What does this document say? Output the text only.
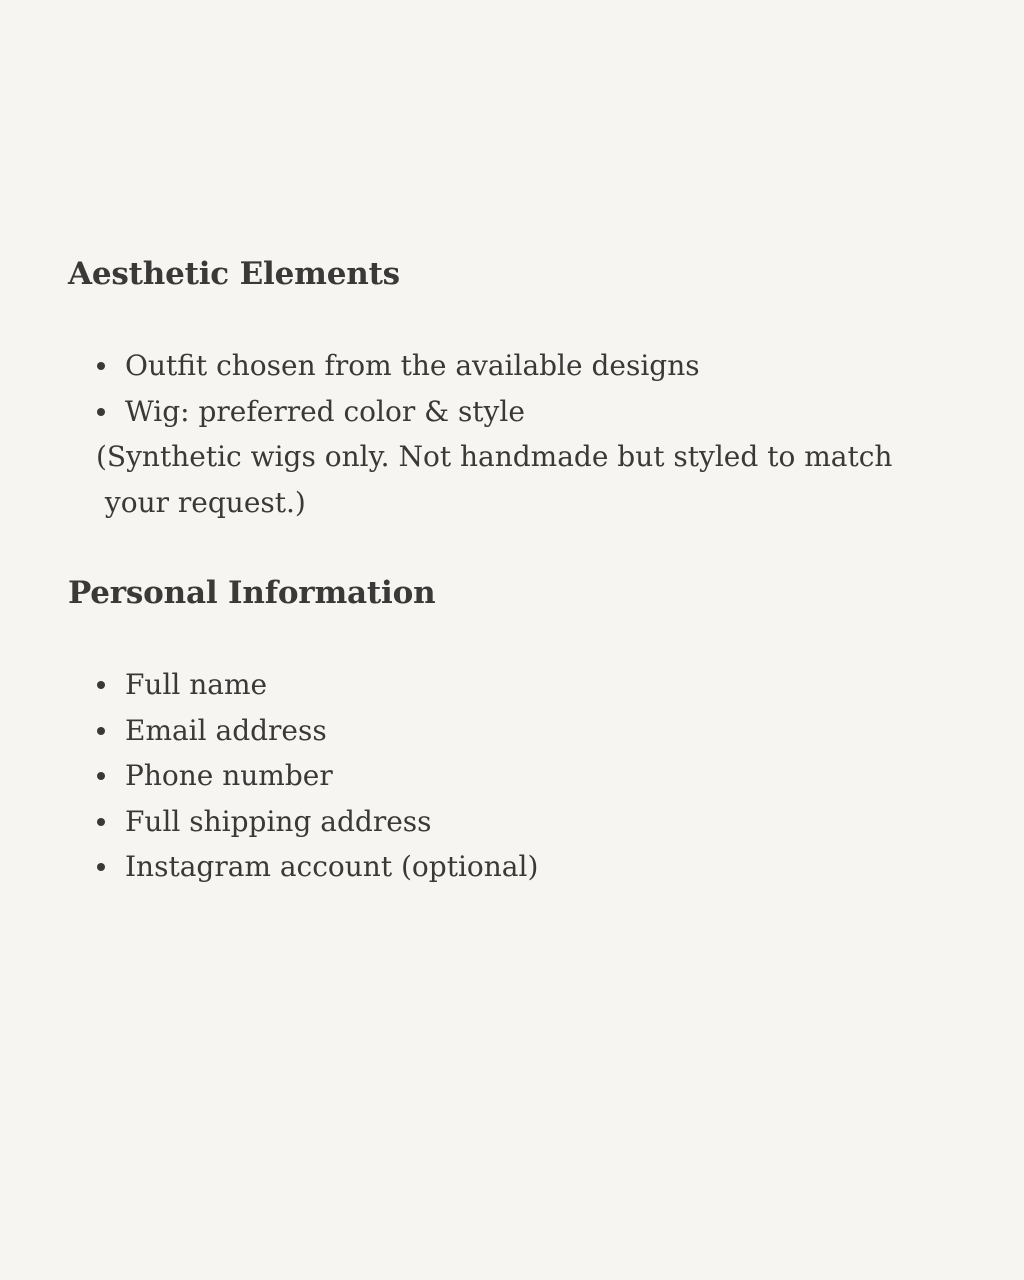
Aesthetic Elements
Outfit chosen from the available designs
Wig: preferred color & style

(Synthetic wigs only. Not handmade but styled to match
your request.)

Personal Information
Full name
Email address
Phone number
Full shipping address
Instagram account (optional)
